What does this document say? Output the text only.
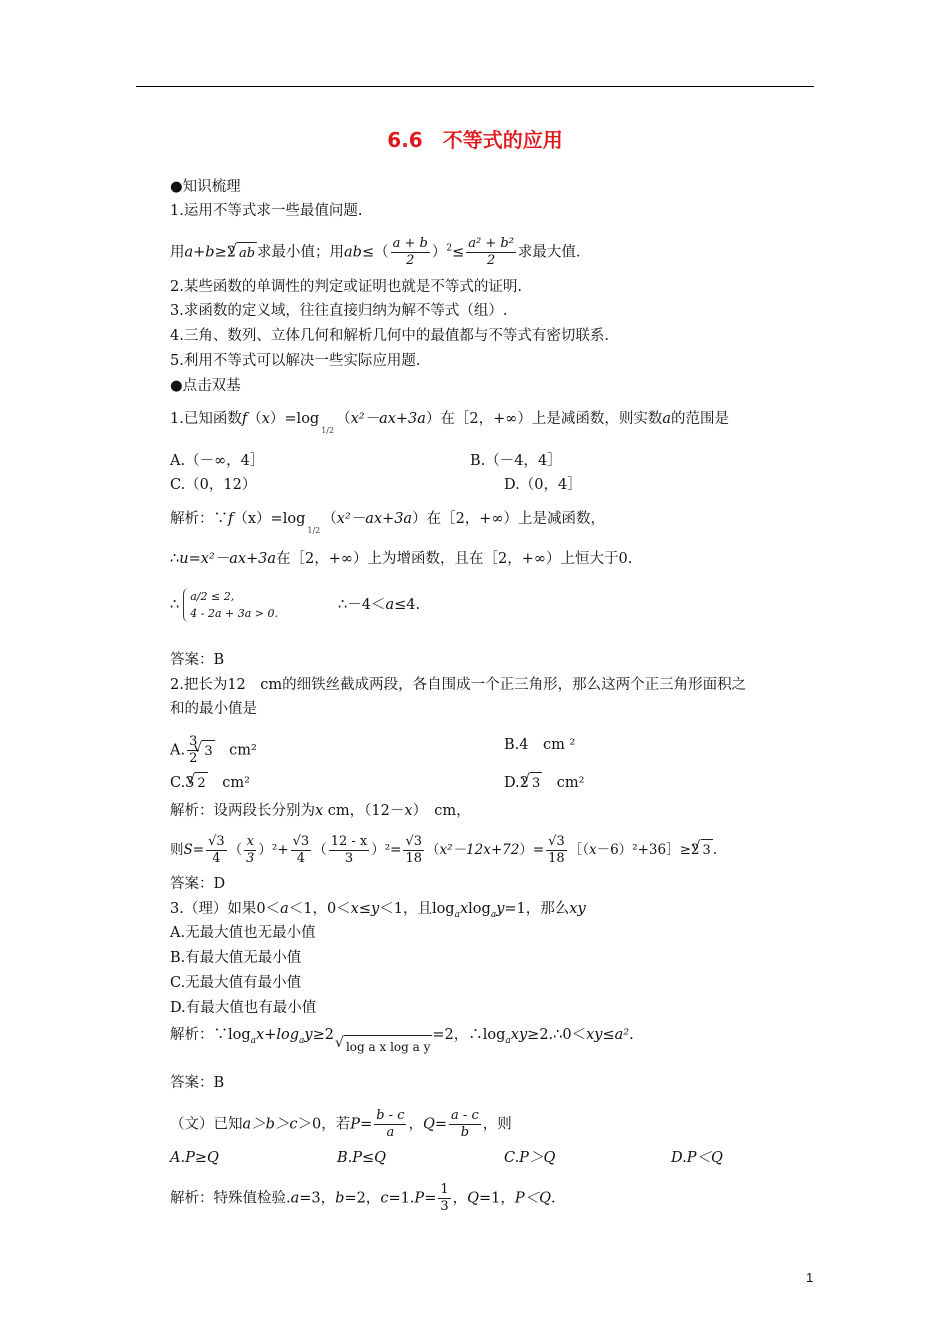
6.6　不等式的应用
●知识梳理
1.运用不等式求一些最值问题.
用a+b≥2 √ ab 求最小值；用$ab\le( \frac{a + b}{2} )^2\le \frac{\text{a² + b²}}{2}$ 求最大值.
2.某些函数的单调性的判定或证明也就是不等式的证明.
3.求函数的定义域，往往直接归纳为解不等式（组）.
4.三角、数列、立体几何和解析几何中的最值都与不等式有密切联系.
5.利用不等式可以解决一些实际应用题.
●点击双基
1.已知函数f（x）=log1/2（x²－ax+3a）在［2，+∞）上是减函数，则实数a的范围是
A.（－∞，4］	B.（－4，4］
C.（0，12）	D.（0，4］
解析：∵f（x）=log1/2（x²－ax+3a）在［2，+∞）上是减函数，
∴u=x²－ax+3a在［2，+∞）上为增函数，且在［2，+∞）上恒大于0.
∴
a/2 ≤ 2,
4 - 2a + 3a > 0.
∴－4＜a≤4.
答案：B
2.把长为12　cm的细铁丝截成两段，各自围成一个正三角形，那么这两个正三角形面积之
和的最小值是
A. $\frac{3}{2}$ √ 3　 cm²	B.4　cm ²
C.3 √ 2　 cm²	D.2 √ 3　 cm²
解析：设两段长分别为x cm，（12－x）　cm，
则$S= \frac{√3}{4}$ （ $\frac{x}{3} )^2+ \frac{√3}{4}$ （ $\frac{12 - x}{3} )^2= \frac{√3}{18} (x^2-12x+72)= \frac{√3}{18}$ ［（x－6）²+36］≥2 √ 3 .
答案：D
3.（理）如果0＜a＜1，0＜x≤y＜1，且$\log_axlog_ay=1$，那么xy
A.无最大值也无最小值
B.有最大值无最小值
C.无最大值有最小值
D.有最大值也有最小值
解析：$\because\log_ax+\log_ay\ge 2√$ log a x log a y=2，$\therefore\log_axy\ge 2.\therefore 0<xy\le a^2$.
答案：B
（文）已知a＞b＞c＞0，若$P= \frac{b - c}{a}$ ，$Q= \frac{a - c}{b}$ ，则
A.P≥Q	B.P≤Q	C.P＞Q	D.P＜Q
解析：特殊值检验.a=3，b=2，$c=1.P= \frac{1}{3}$ ，Q=1，P＜Q.
1
